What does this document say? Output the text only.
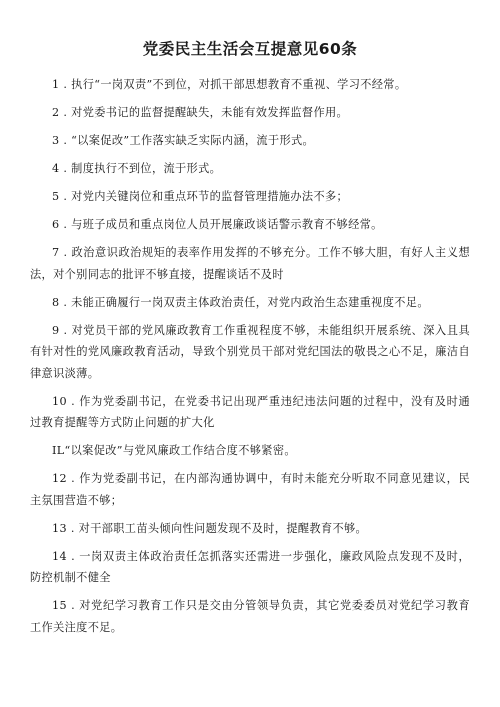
党委民主生活会互提意见60条

1 . 执行“一岗双责”不到位，对抓干部思想教育不重视、学习不经常。

2 . 对党委书记的监督提醒缺失，未能有效发挥监督作用。

3 . “以案促改”工作落实缺乏实际内涵，流于形式。

4 . 制度执行不到位，流于形式。

5 . 对党内关键岗位和重点环节的监督管理措施办法不多；

6 . 与班子成员和重点岗位人员开展廉政谈话警示教育不够经常。

7 . 政治意识政治规矩的表率作用发挥的不够充分。工作不够大胆，有好人主义想法，对个别同志的批评不够直接，提醒谈话不及时

8 . 未能正确履行一岗双责主体政治责任，对党内政治生态建重视度不足。

9 . 对党员干部的党风廉政教育工作重视程度不够，未能组织开展系统、深入且具有针对性的党风廉政教育活动，导致个别党员干部对党纪国法的敬畏之心不足，廉洁自律意识淡薄。

10 . 作为党委副书记，在党委书记出现严重违纪违法问题的过程中，没有及时通过教育提醒等方式防止问题的扩大化

IL“以案促改”与党风廉政工作结合度不够紧密。

12 . 作为党委副书记，在内部沟通协调中，有时未能充分听取不同意见建议，民主氛围营造不够；

13 . 对干部职工苗头倾向性问题发现不及时，提醒教育不够。

14 . 一岗双责主体政治责任怎抓落实还需进一步强化，廉政风险点发现不及时，防控机制不健全

15 . 对党纪学习教育工作只是交由分管领导负责，其它党委委员对党纪学习教育工作关注度不足。
